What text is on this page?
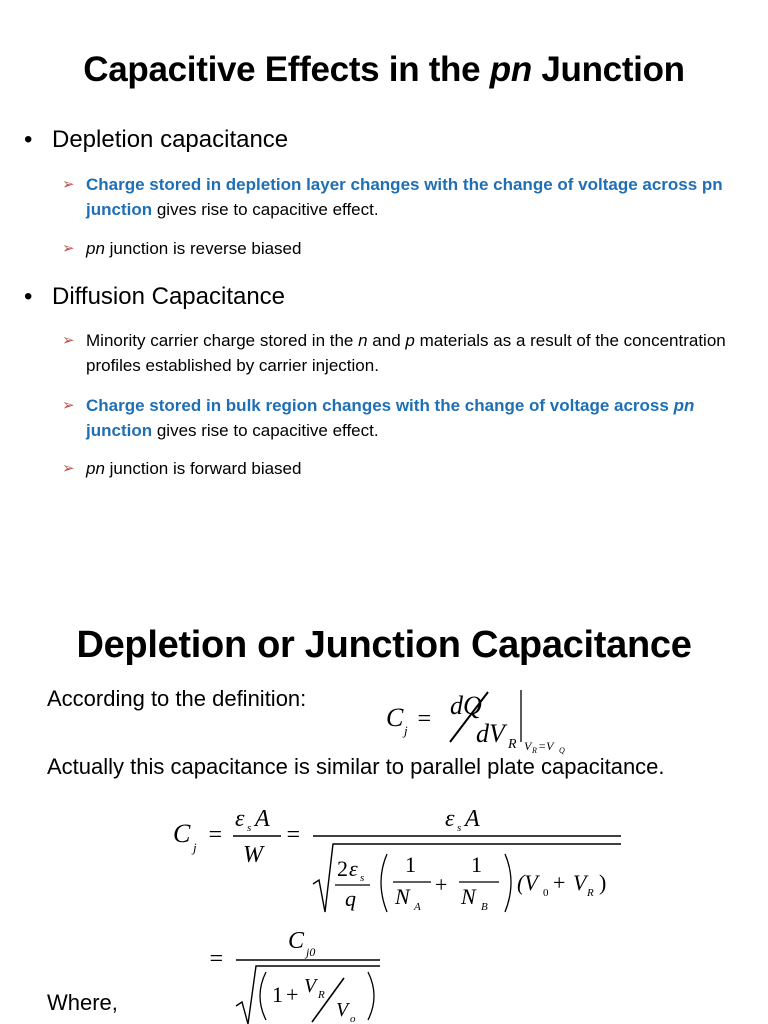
Capacitive Effects in the pn Junction
• Depletion capacitance
➢ Charge stored in depletion layer changes with the change of voltage across pn junction gives rise to capacitive effect.
➢ pn junction is reverse biased
• Diffusion Capacitance
➢ Minority carrier charge stored in the n and p materials as a result of the concentration profiles established by carrier injection.
➢ Charge stored in bulk region changes with the change of voltage across pn junction gives rise to capacitive effect.
➢ pn junction is forward biased
Depletion or Junction Capacitance
According to the definition:
C j = dQ
dV R V R =V Q
Actually this capacitance is similar to parallel plate capacitance.
C j =
ε s A
W
=
ε s A
2 ε s
q
1
N A
+
1
N B
(V 0 + V R )
=
C j0
1 + V R
V o
Where,
